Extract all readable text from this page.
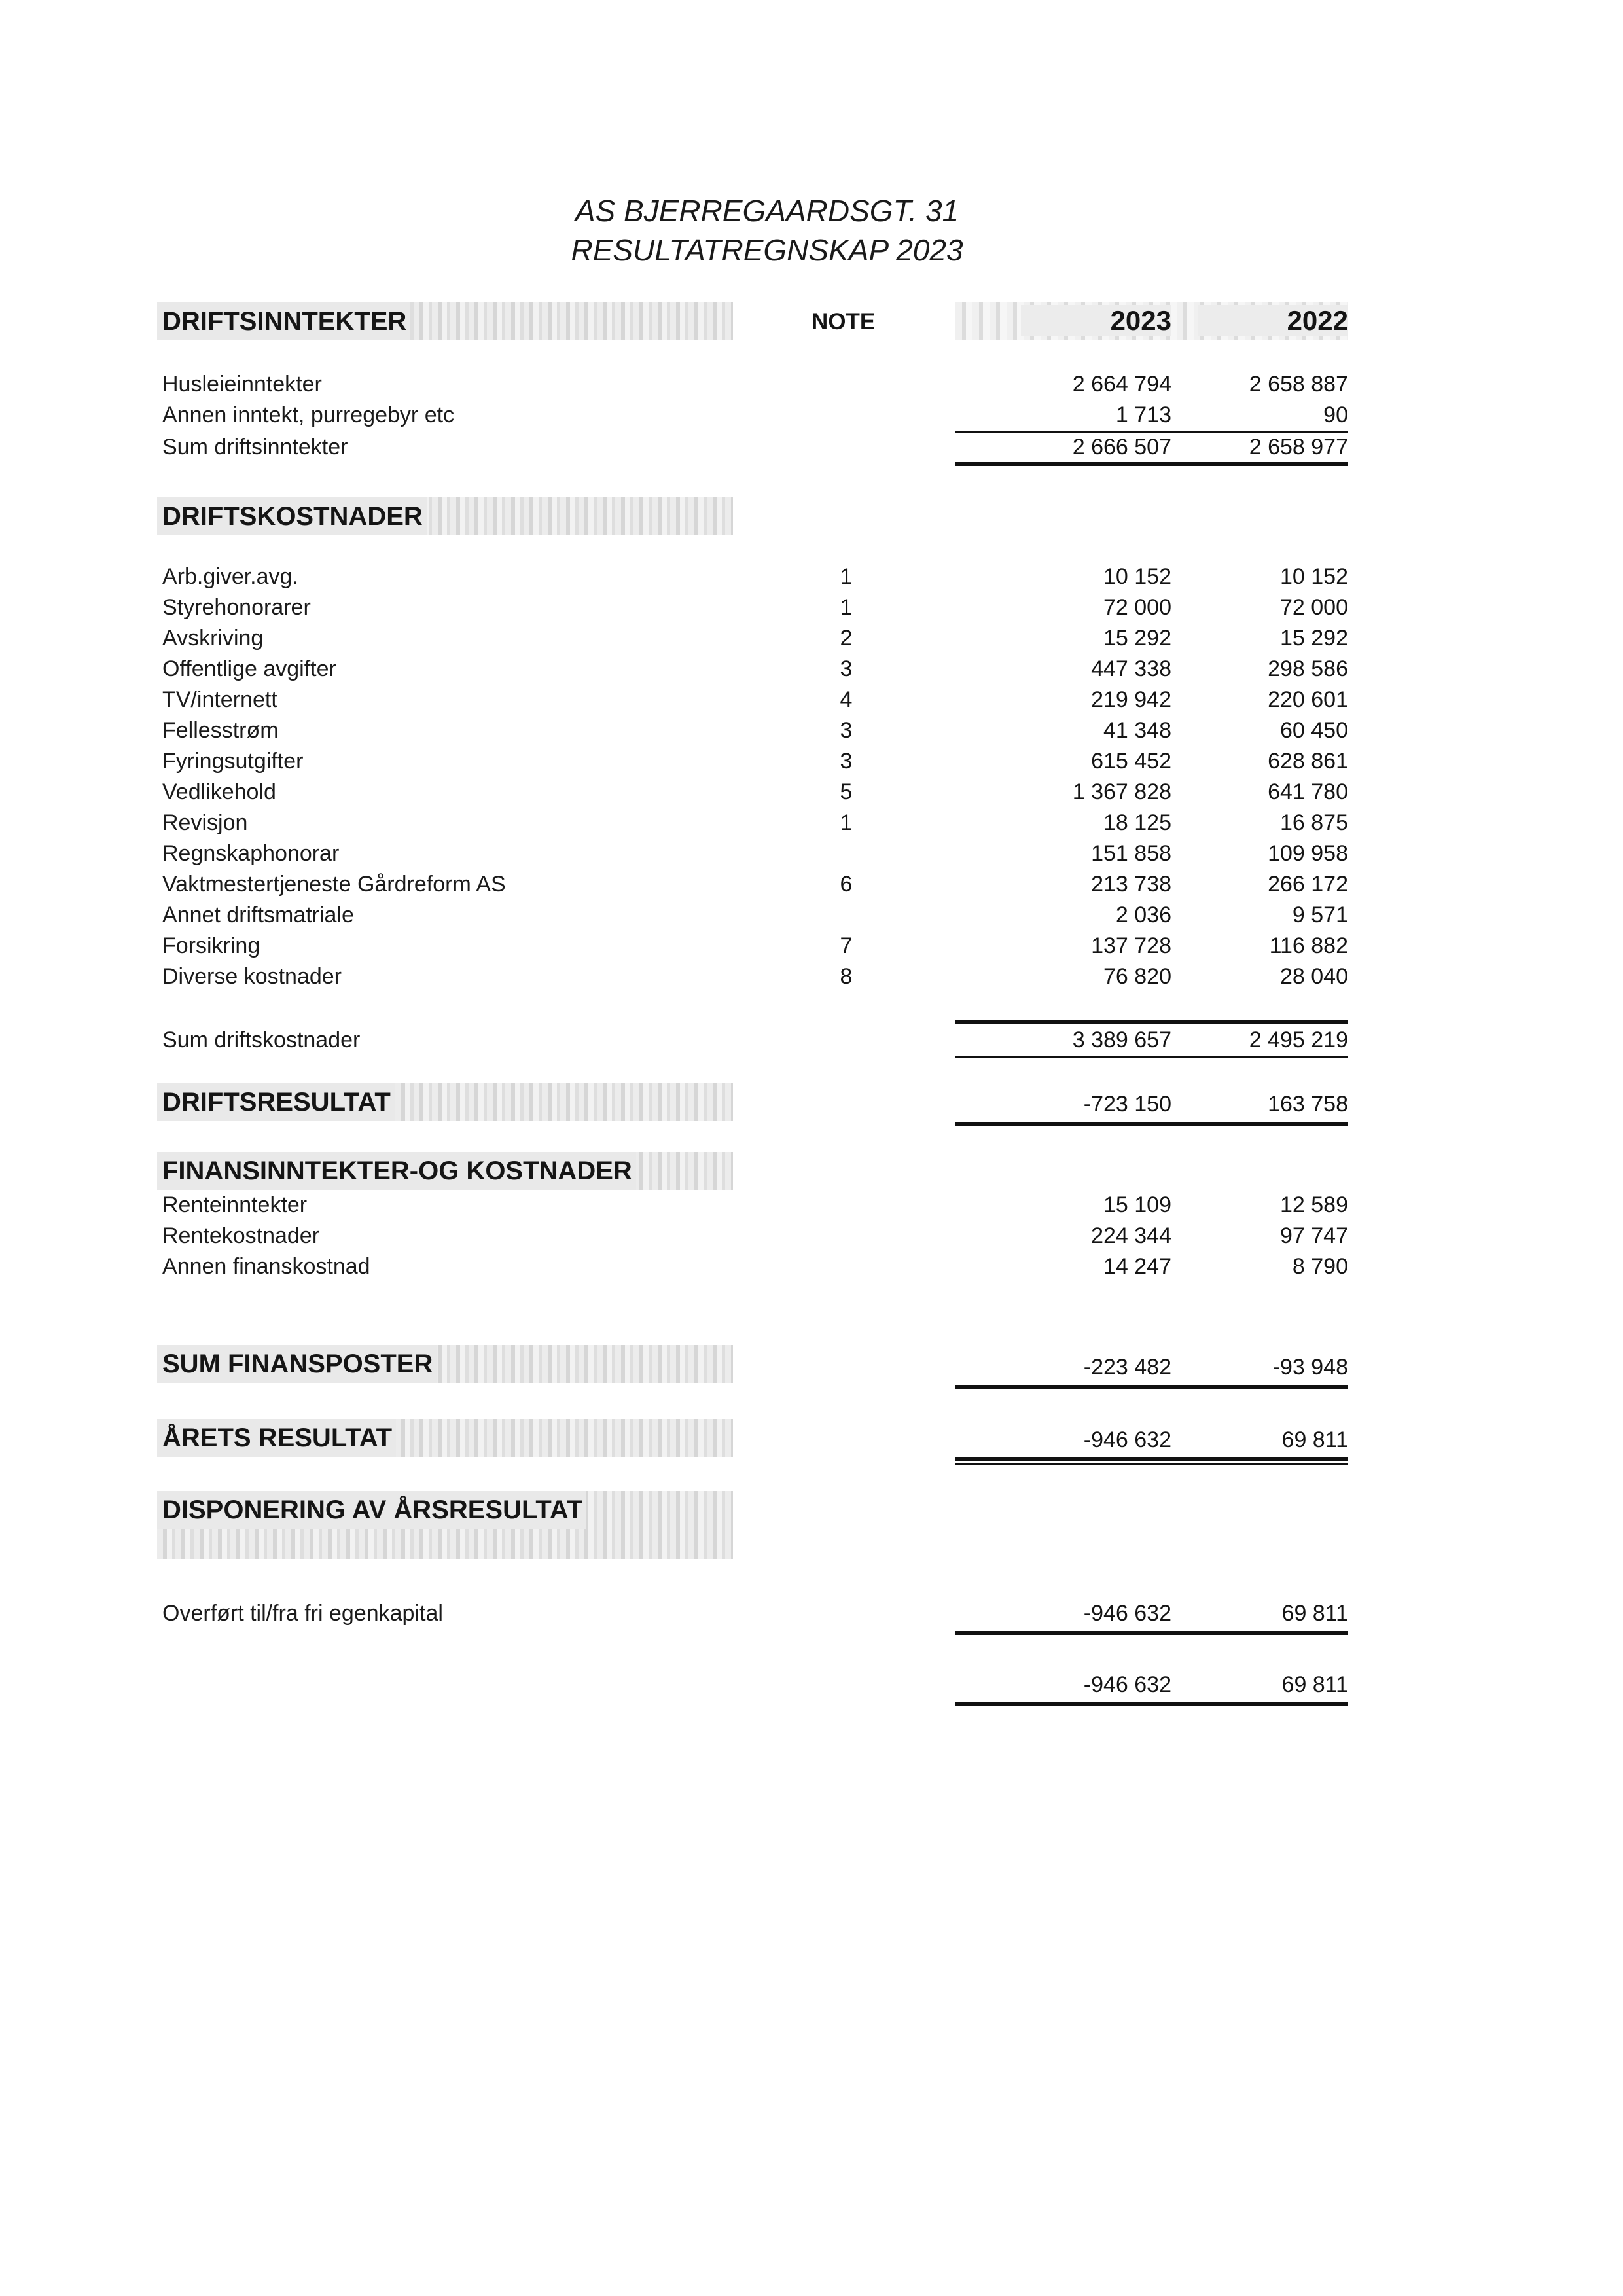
AS BJERREGAARDSGT. 31
RESULTATREGNSKAP 2023
DRIFTSINNTEKTER	NOTE	2023	2022
Husleieinntekter	2 664 794	2 658 887
Annen inntekt, purregebyr etc	1 713	90
Sum driftsinntekter	2 666 507	2 658 977
DRIFTSKOSTNADER
Arb.giver.avg.	1	10 152	10 152
Styrehonorarer	1	72 000	72 000
Avskriving	2	15 292	15 292
Offentlige avgifter	3	447 338	298 586
TV/internett	4	219 942	220 601
Fellesstrøm	3	41 348	60 450
Fyringsutgifter	3	615 452	628 861
Vedlikehold	5	1 367 828	641 780
Revisjon	1	18 125	16 875
Regnskaphonorar	151 858	109 958
Vaktmestertjeneste Gårdreform AS	6	213 738	266 172
Annet driftsmatriale	2 036	9 571
Forsikring	7	137 728	116 882
Diverse kostnader	8	76 820	28 040
Sum driftskostnader	3 389 657	2 495 219
DRIFTSRESULTAT	-723 150	163 758
FINANSINNTEKTER-OG KOSTNADER
Renteinntekter	15 109	12 589
Rentekostnader	224 344	97 747
Annen finanskostnad	14 247	8 790
SUM FINANSPOSTER	-223 482	-93 948
ÅRETS RESULTAT	-946 632	69 811
DISPONERING AV ÅRSRESULTAT
Overført til/fra fri egenkapital	-946 632	69 811
-946 632	69 811
